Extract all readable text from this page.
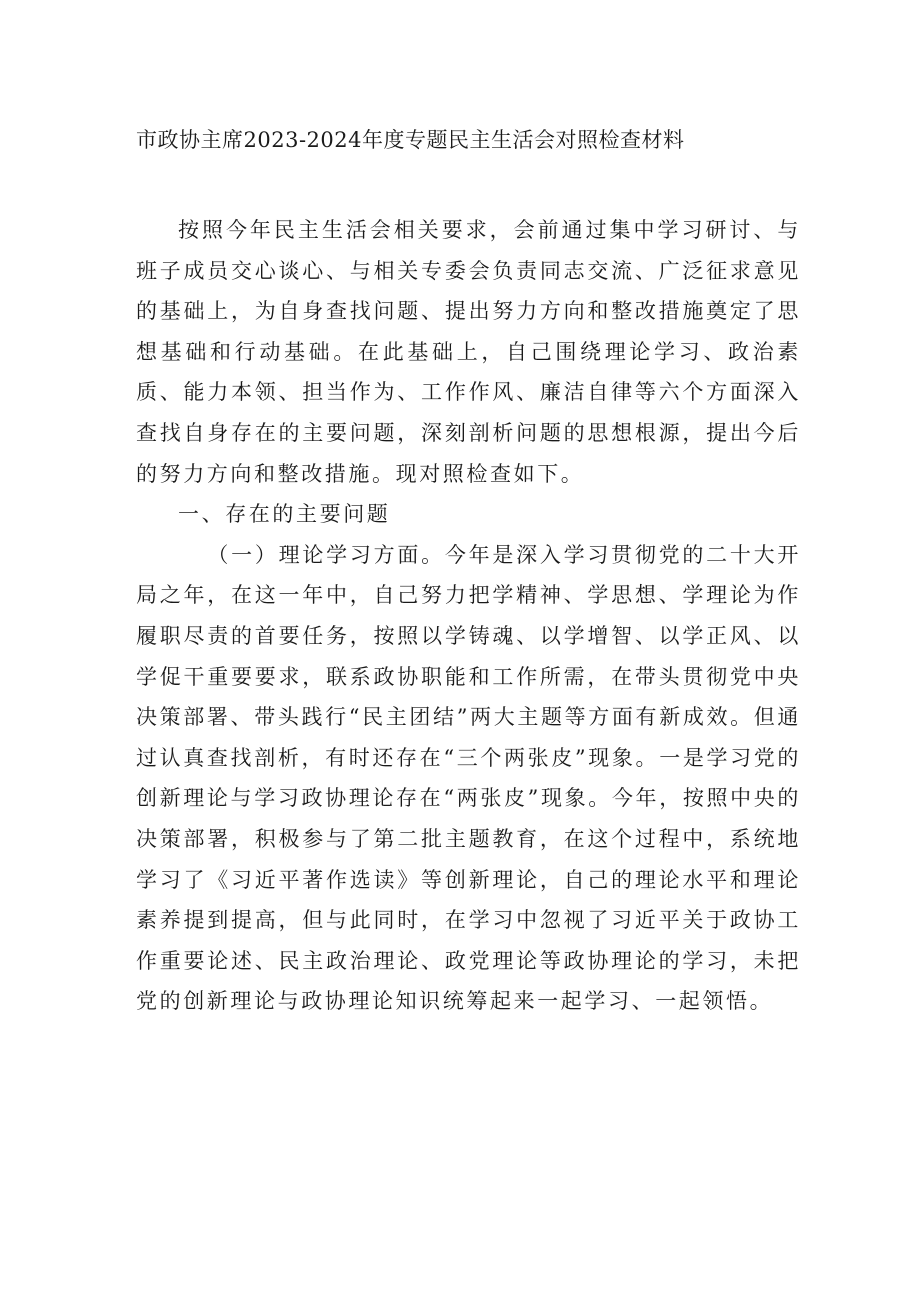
市政协主席2023-2024年度专题民主生活会对照检查材料

按照今年民主生活会相关要求，会前通过集中学习研讨、与班子成员交心谈心、与相关专委会负责同志交流、广泛征求意见的基础上，为自身查找问题、提出努力方向和整改措施奠定了思想基础和行动基础。在此基础上，自己围绕理论学习、政治素质、能力本领、担当作为、工作作风、廉洁自律等六个方面深入查找自身存在的主要问题，深刻剖析问题的思想根源，提出今后的努力方向和整改措施。现对照检查如下。

一、存在的主要问题

（一）理论学习方面。今年是深入学习贯彻党的二十大开局之年，在这一年中，自己努力把学精神、学思想、学理论为作履职尽责的首要任务，按照以学铸魂、以学增智、以学正风、以学促干重要要求，联系政协职能和工作所需，在带头贯彻党中央决策部署、带头践行“民主团结”两大主题等方面有新成效。但通过认真查找剖析，有时还存在“三个两张皮”现象。一是学习党的创新理论与学习政协理论存在“两张皮”现象。今年，按照中央的决策部署，积极参与了第二批主题教育，在这个过程中，系统地学习了《习近平著作选读》等创新理论，自己的理论水平和理论素养提到提高，但与此同时，在学习中忽视了习近平关于政协工作重要论述、民主政治理论、政党理论等政协理论的学习，未把党的创新理论与政协理论知识统筹起来一起学习、一起领悟。
